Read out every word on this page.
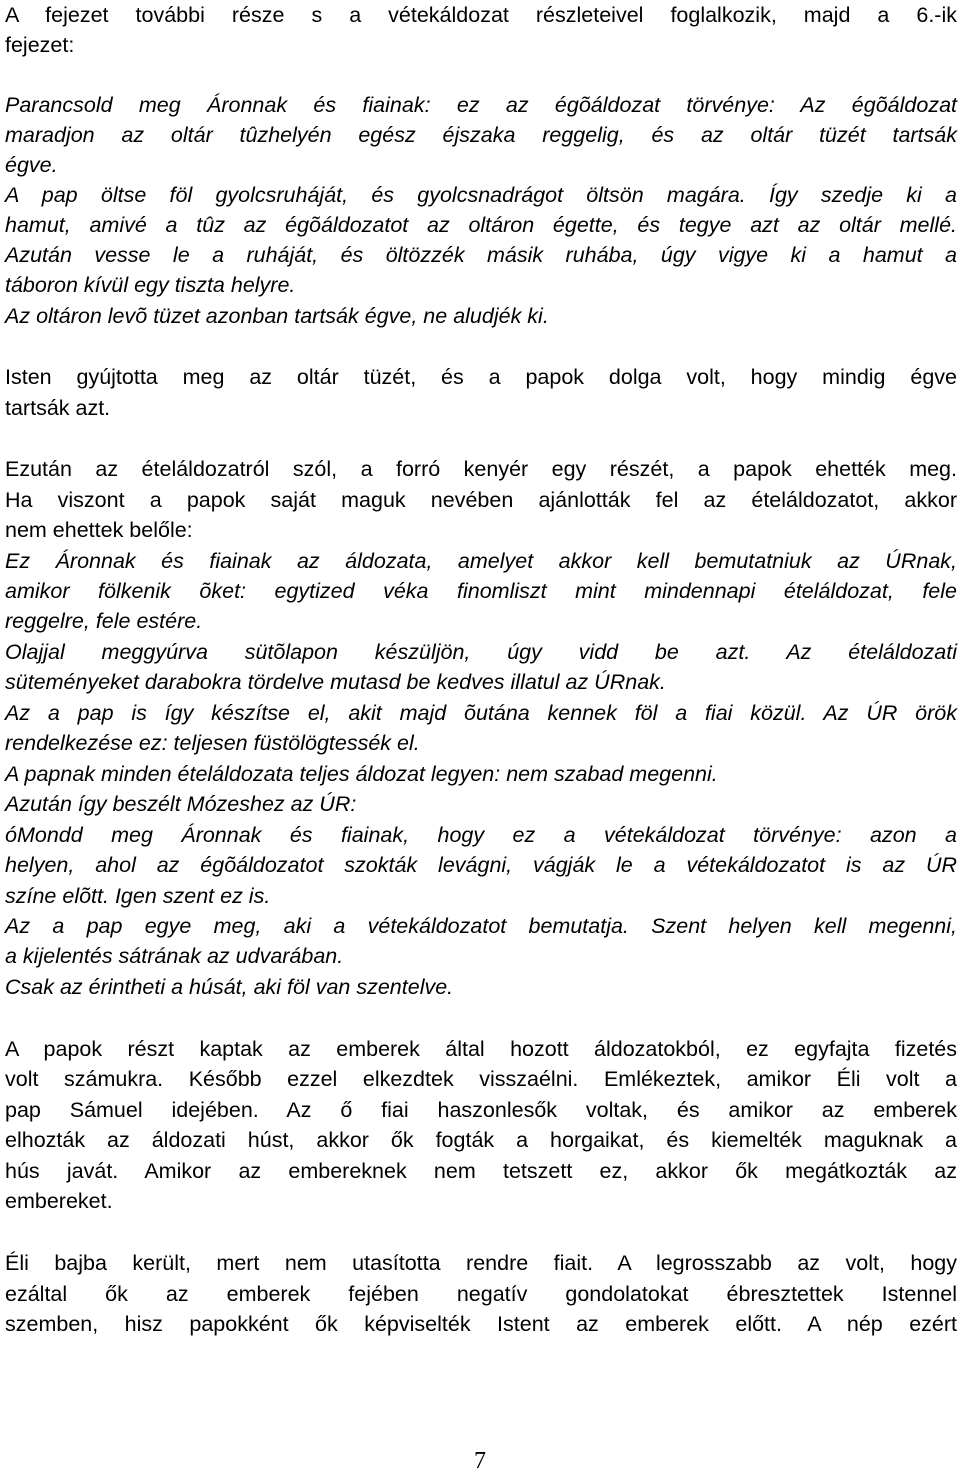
A fejezet további része s a vétekáldozat részleteivel foglalkozik, majd a 6.-ik
fejezet:
Parancsold meg Áronnak és fiainak: ez az égõáldozat törvénye: Az égõáldozat
maradjon az oltár tûzhelyén egész éjszaka reggelig, és az oltár tüzét tartsák
égve.
A pap öltse föl gyolcsruháját, és gyolcsnadrágot öltsön magára. Így szedje ki a
hamut, amivé a tûz az égõáldozatot az oltáron égette, és tegye azt az oltár mellé.
Azután vesse le a ruháját, és öltözzék másik ruhába, úgy vigye ki a hamut a
táboron kívül egy tiszta helyre.
Az oltáron levõ tüzet azonban tartsák égve, ne aludjék ki.
Isten gyújtotta meg az oltár tüzét, és a papok dolga volt, hogy mindig égve
tartsák azt.
Ezután az ételáldozatról szól, a forró kenyér egy részét, a papok ehették meg.
Ha viszont a papok saját maguk nevében ajánlották fel az ételáldozatot, akkor
nem ehettek belőle:
Ez Áronnak és fiainak az áldozata, amelyet akkor kell bemutatniuk az ÚRnak,
amikor fölkenik õket: egytized véka finomliszt mint mindennapi ételáldozat, fele
reggelre, fele estére.
Olajjal meggyúrva sütõlapon készüljön, úgy vidd be azt. Az ételáldozati
süteményeket darabokra tördelve mutasd be kedves illatul az ÚRnak.
Az a pap is így készítse el, akit majd õutána kennek föl a fiai közül. Az ÚR örök
rendelkezése ez: teljesen füstölögtessék el.
A papnak minden ételáldozata teljes áldozat legyen: nem szabad megenni.
Azután így beszélt Mózeshez az ÚR:
óMondd meg Áronnak és fiainak, hogy ez a vétekáldozat törvénye: azon a
helyen, ahol az égõáldozatot szokták levágni, vágják le a vétekáldozatot is az ÚR
színe elõtt. Igen szent ez is.
Az a pap egye meg, aki a vétekáldozatot bemutatja. Szent helyen kell megenni,
a kijelentés sátrának az udvarában.
Csak az érintheti a húsát, aki föl van szentelve.
A papok részt kaptak az emberek által hozott áldozatokból, ez egyfajta fizetés
volt számukra. Később ezzel elkezdtek visszaélni. Emlékeztek, amikor Éli volt a
pap Sámuel idejében. Az ő fiai haszonlesők voltak, és amikor az emberek
elhozták az áldozati húst, akkor ők fogták a horgaikat, és kiemelték maguknak a
hús javát. Amikor az embereknek nem tetszett ez, akkor ők megátkozták az
embereket.
Éli bajba került, mert nem utasította rendre fiait. A legrosszabb az volt, hogy
ezáltal ők az emberek fejében negatív gondolatokat ébresztettek Istennel
szemben, hisz papokként ők képviselték Istent az emberek előtt. A nép ezért
7
